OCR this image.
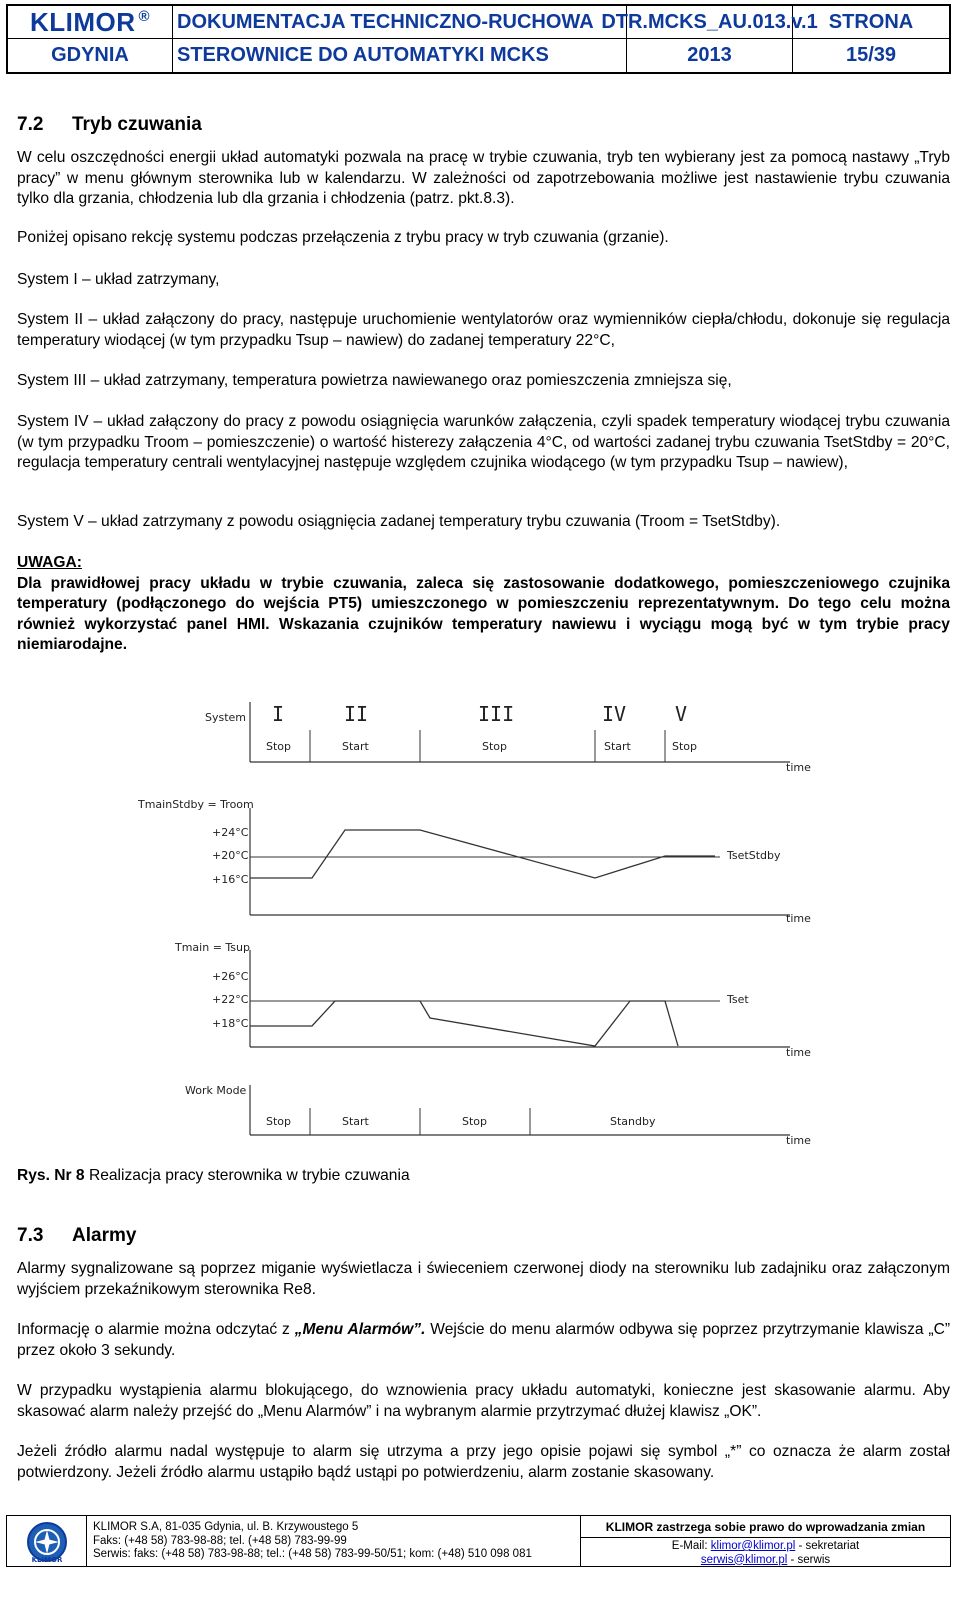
KLIMOR® DOKUMENTACJA TECHNICZNO-RUCHOWA DTR.MCKS_AU.013.v.1 STRONA
GDYNIA	STEROWNICE DO AUTOMATYKI MCKS	2013	15/39
7.2 Tryb czuwania
W celu oszczędności energii układ automatyki pozwala na pracę w trybie czuwania, tryb ten wybierany jest za pomocą nastawy „Tryb pracy” w menu głównym sterownika lub w kalendarzu. W zależności od zapotrzebowania możliwe jest nastawienie trybu czuwania tylko dla grzania, chłodzenia lub dla grzania i chłodzenia (patrz. pkt.8.3).
Poniżej opisano rekcję systemu podczas przełączenia z trybu pracy w tryb czuwania (grzanie).
System I – układ zatrzymany,
System II – układ załączony do pracy, następuje uruchomienie wentylatorów oraz wymienników ciepła/chłodu, dokonuje się regulacja temperatury wiodącej (w tym przypadku Tsup – nawiew) do zadanej temperatury 22°C,
System III – układ zatrzymany, temperatura powietrza nawiewanego oraz pomieszczenia zmniejsza się,
System IV – układ załączony do pracy z powodu osiągnięcia warunków załączenia, czyli spadek temperatury wiodącej trybu czuwania (w tym przypadku Troom – pomieszczenie) o wartość histerezy załączenia 4°C, od wartości zadanej trybu czuwania TsetStdby = 20°C, regulacja temperatury centrali wentylacyjnej następuje względem czujnika wiodącego (w tym przypadku Tsup – nawiew),
System V – układ zatrzymany z powodu osiągnięcia zadanej temperatury trybu czuwania (Troom = TsetStdby).
UWAGA:
Dla prawidłowej pracy układu w trybie czuwania, zaleca się zastosowanie dodatkowego, pomieszczeniowego czujnika temperatury (podłączonego do wejścia PT5) umieszczonego w pomieszczeniu reprezentatywnym. Do tego celu można również wykorzystać panel HMI. Wskazania czujników temperatury nawiewu i wyciągu mogą być w tym trybie pracy niemiarodajne.
System I	II	III	IV V
Stop	Start	Stop	Start	Stop
time
TmainStdby = Troom
+24°C
+20°C
+16°C
TsetStdby
time
Tmain = Tsup
+26°C
+22°C
+18°C
Tset
time
Work Mode
Stop	Start	Stop	Standby
time
Rys. Nr 8 Realizacja pracy sterownika w trybie czuwania
7.3 Alarmy
Alarmy sygnalizowane są poprzez miganie wyświetlacza i świeceniem czerwonej diody na sterowniku lub zadajniku oraz załączonym wyjściem przekaźnikowym sterownika Re8.
Informację o alarmie można odczytać z „Menu Alarmów”. Wejście do menu alarmów odbywa się poprzez przytrzymanie klawisza „C” przez około 3 sekundy.
W przypadku wystąpienia alarmu blokującego, do wznowienia pracy układu automatyki, konieczne jest skasowanie alarmu. Aby skasować alarm należy przejść do „Menu Alarmów” i na wybranym alarmie przytrzymać dłużej klawisz „OK”.
Jeżeli źródło alarmu nadal występuje to alarm się utrzyma a przy jego opisie pojawi się symbol „*” co oznacza że alarm został potwierdzony. Jeżeli źródło alarmu ustąpiło bądź ustąpi po potwierdzeniu, alarm zostanie skasowany.
KLIMOR
KLIMOR S.A, 81-035 Gdynia, ul. B. Krzywoustego 5
Faks: (+48 58) 783-98-88; tel. (+48 58) 783-99-99
Serwis: faks: (+48 58) 783-98-88; tel.: (+48 58) 783-99-50/51; kom: (+48) 510 098 081
KLIMOR zastrzega sobie prawo do wprowadzania zmian
E-Mail: klimor@klimor.pl - sekretariat
serwis@klimor.pl - serwis
